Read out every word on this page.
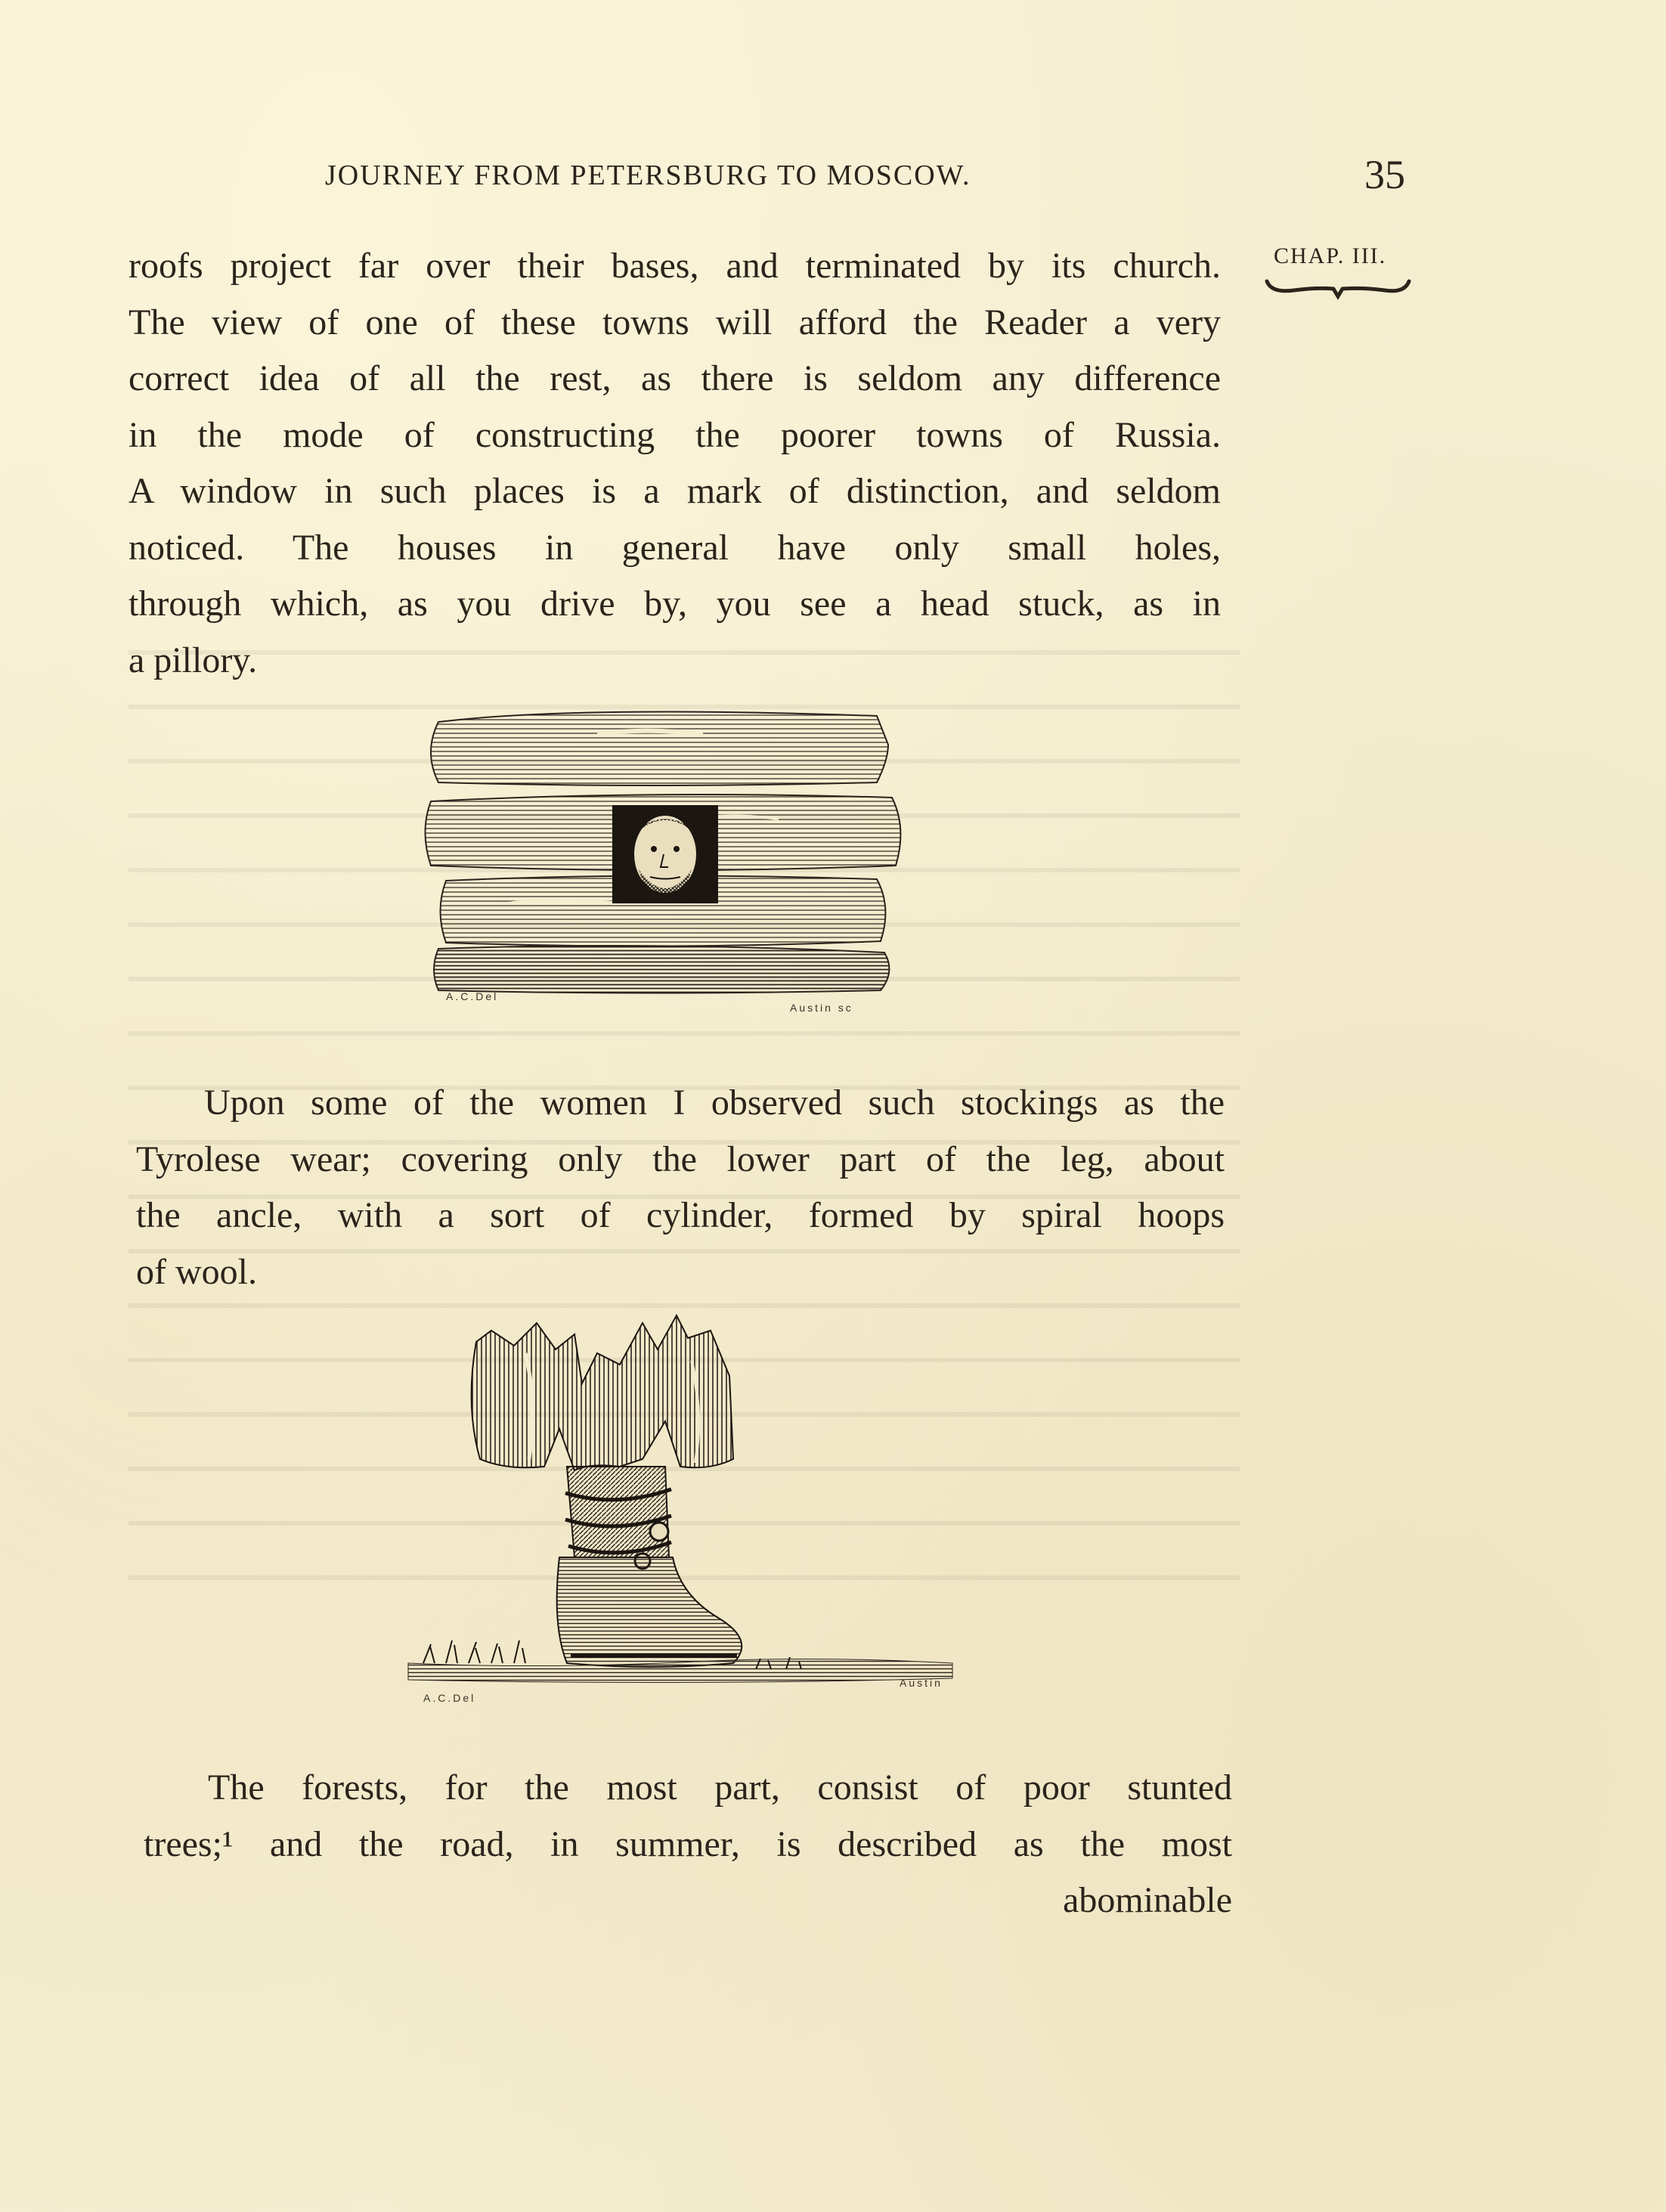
JOURNEY FROM PETERSBURG TO MOSCOW.	35
CHAP. III.

roofs project far over their bases, and terminated by its church.
The view of one of these towns will afford the Reader a very
correct idea of all the rest, as there is seldom any difference
in the mode of constructing the poorer towns of Russia.
A window in such places is a mark of distinction, and seldom
noticed. The houses in general have only small holes,
through which, as you drive by, you see a head stuck, as in
a pillory.

A.C.Del
Austin sc

Upon some of the women I observed such stockings as the
Tyrolese wear; covering only the lower part of the leg, about
the ancle, with a sort of cylinder, formed by spiral hoops
of wool.

A.C.Del
Austin

The forests, for the most part, consist of poor stunted
trees;¹ and the road, in summer, is described as the most
abominable
